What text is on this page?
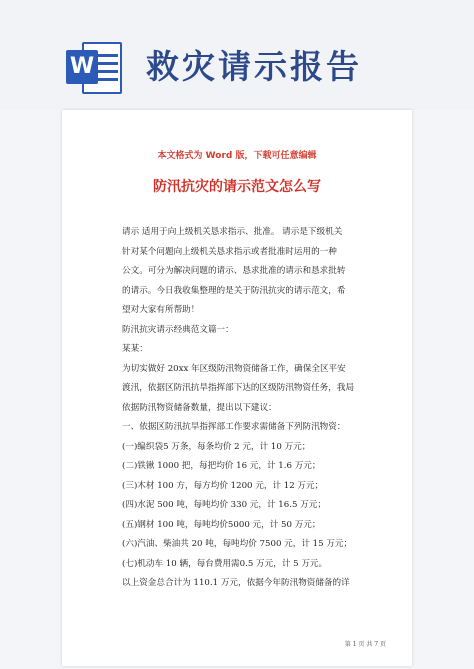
W 救灾请示报告
本文格式为 Word 版，下载可任意编辑
防汛抗灾的请示范文怎么写

请示 适用于向上级机关恳求指示、批准。 请示是下级机关

针对某个问题向上级机关恳求指示或者批准时运用的一种

公文。可分为解决问题的请示、恳求批准的请示和恳求批转

的请示。今日我收集整理的是关于防汛抗灾的请示范文，希

望对大家有所帮助！

防汛抗灾请示经典范文篇一：

某某：

为切实做好 20xx 年区级防汛物资储备工作，确保全区平安

渡汛，依据区防汛抗旱指挥部下达的区级防汛物资任务，我局

依据防汛物资储备数量，提出以下建议：

一、依据区防汛抗旱指挥部工作要求需储备下列防汛物资：

(一)编织袋5 万条，每条均价 2 元，计 10 万元；

(二)铁锹 1000 把，每把均价 16 元，计 1.6 万元；

(三)木材 100 方，每方均价 1200 元，计 12 万元；

(四)水泥 500 吨，每吨均价 330 元，计 16.5 万元；

(五)钢材 100 吨，每吨均价5000 元，计 50 万元；

(六)汽油、柴油共 20 吨，每吨均价 7500 元，计 15 万元；

(七)机动车 10 辆，每台费用需0.5 万元，计 5 万元。

以上资金总合计为 110.1 万元，依据今年防汛物资储备的详

第 1 页 共 7 页
